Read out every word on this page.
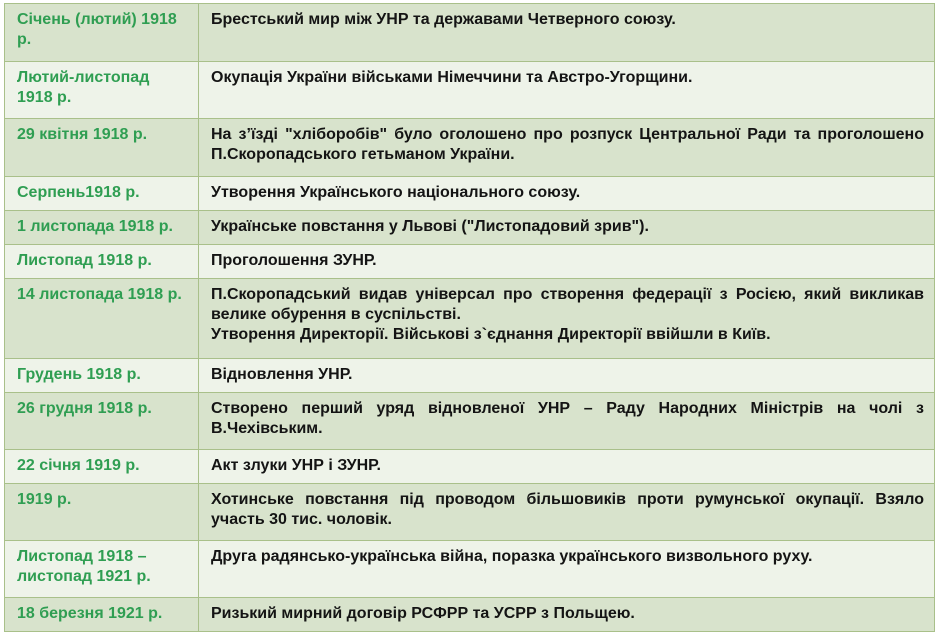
Січень (лютий) 1918 р.	Брестський мир між УНР та державами Четверного союзу.

Лютий-листопад 1918 р.	Окупація України військами Німеччини та Австро-Угорщини.

29 квітня 1918 р.	На з’їзді "хліборобів" було оголошено про розпуск Центральної Ради та проголошено П.Скоропадського гетьманом України.

Серпень1918 р.	Утворення Українського національного союзу.

1 листопада 1918 р.	Українське повстання у Львові ("Листопадовий зрив").

Листопад 1918 р.	Проголошення ЗУНР.

14 листопада 1918 р.	П.Скоропадський видав універсал про створення федерації з Росією, який викликав велике обурення в суспільстві.
Утворення Директорії. Військові з`єднання Директорії ввійшли в Київ.

Грудень 1918 р.	Відновлення УНР.

26 грудня 1918 р.	Створено перший уряд відновленої УНР – Раду Народних Міністрів на чолі з В.Чехівським.

22 січня 1919 р.	Акт злуки УНР і ЗУНР.

1919 р.	Хотинське повстання під проводом більшовиків проти румунської окупації. Взяло участь 30 тис. чоловік.

Листопад 1918 – листопад 1921 р.	Друга радянсько-українська війна, поразка українського визвольного руху.

18 березня 1921 р.	Ризький мирний договір РСФРР та УСРР з Польщею.
